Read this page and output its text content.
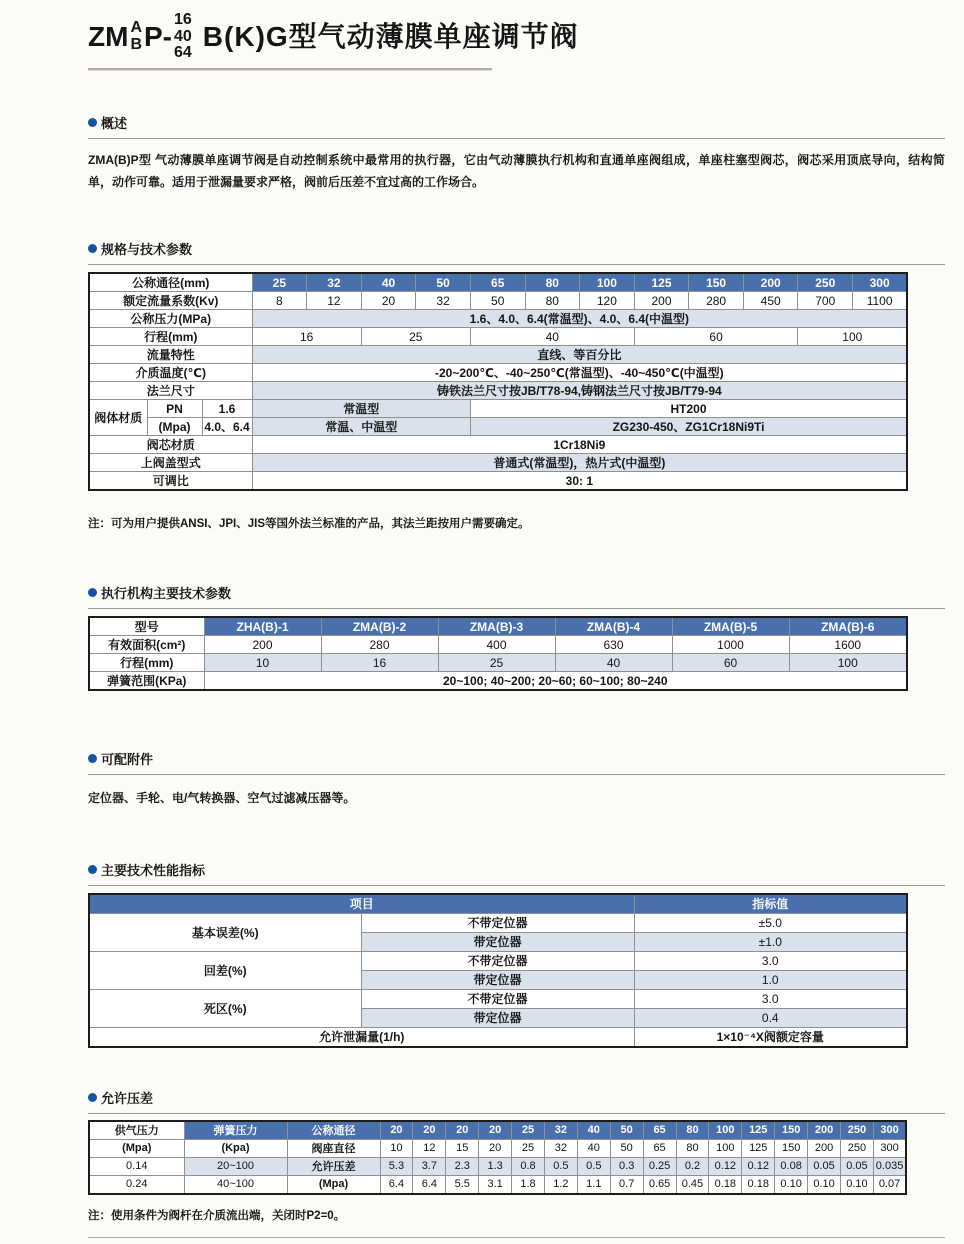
ZM A
B P-
16
40
64
B(K)G型气动薄膜单座调节阀
概述
ZMA(B)P型 气动薄膜单座调节阀是自动控制系统中最常用的执行器，它由气动薄膜执行机构和直通单座阀组成，单座柱塞型阀芯，阀芯采用顶底导向，结构简单，动作可靠。适用于泄漏量要求严格，阀前后压差不宜过高的工作场合。
规格与技术参数
公称通径(mm)			25	32	40	50	65	80	100	125	150	200	250	300
额定流量系数(Kv)			8	12	20	32	50	80	120	200	280	450	700	1100
公称压力(MPa)			1.6、4.0、6.4(常温型)、4.0、6.4(中温型)											
行程(mm)			16		25		40			60			100	
流量特性			直线、等百分比											
介质温度(℃)			-20~200℃、-40~250℃(常温型)、-40~450℃(中温型)											
法兰尺寸			铸铁法兰尺寸按JB/T78-94,铸钢法兰尺寸按JB/T79-94											
阀体材质	PN	1.6	常温型				HT200							
	(Mpa)	4.0、6.4	常温、中温型				ZG230-450、ZG1Cr18Ni9Ti							
阀芯材质			1Cr18Ni9											
上阀盖型式			普通式(常温型)，热片式(中温型)											
可调比			30: 1											
注：可为用户提供ANSI、JPI、JIS等国外法兰标准的产品，其法兰距按用户需要确定。
执行机构主要技术参数
型号	ZHA(B)-1	ZMA(B)-2	ZMA(B)-3	ZMA(B)-4	ZMA(B)-5	ZMA(B)-6
有效面积(cm²)	200	280	400	630	1000	1600
行程(mm)	10	16	25	40	60	100
弹簧范围(KPa)	20~100; 40~200; 20~60; 60~100; 80~240					
可配附件
定位器、手轮、电/气转换器、空气过滤减压器等。
主要技术性能指标
项目		指标值
基本误差(%)	不带定位器	±5.0
	带定位器	±1.0
回差(%)	不带定位器	3.0
	带定位器	1.0
死区(%)	不带定位器	3.0
	带定位器	0.4
允许泄漏量(1/h)		1×10⁻⁴X阀额定容量
允许压差
供气压力	弹簧压力	公称通径	20	20	20	20	25	32	40	50	65	80	100	125	150	200	250	300
(Mpa)	(Kpa)	阀座直径	10	12	15	20	25	32	40	50	65	80	100	125	150	200	250	300
0.14	20~100	允许压差	5.3	3.7	2.3	1.3	0.8	0.5	0.5	0.3	0.25	0.2	0.12	0.12	0.08	0.05	0.05	0.035
0.24	40~100	(Mpa)	6.4	6.4	5.5	3.1	1.8	1.2	1.1	0.7	0.65	0.45	0.18	0.18	0.10	0.10	0.10	0.07
注：使用条件为阀杆在介质流出端，关闭时P2=0。
